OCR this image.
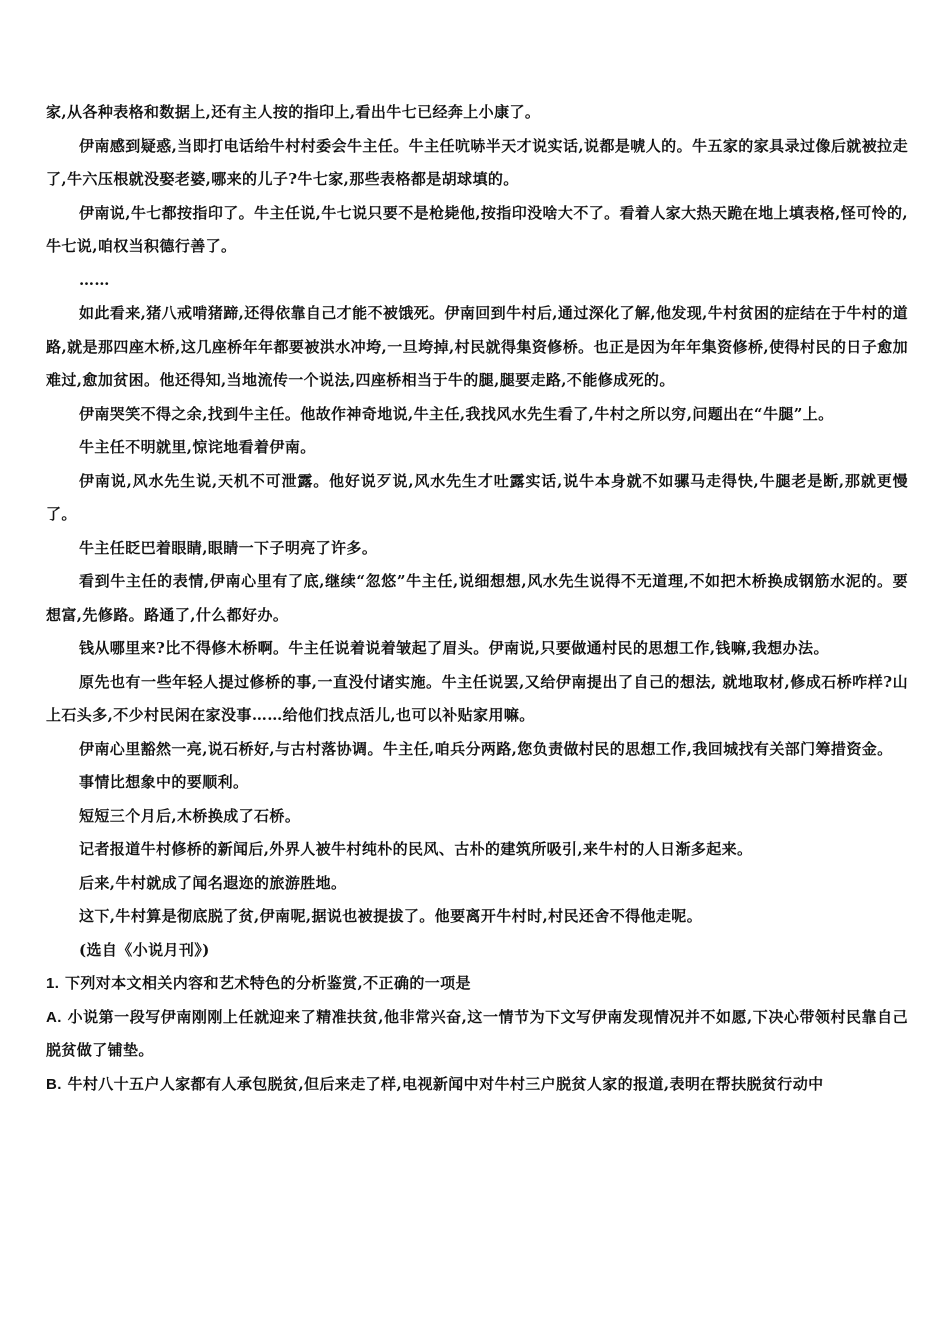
家,从各种表格和数据上,还有主人按的指印上,看出牛七已经奔上小康了。

伊南感到疑惑,当即打电话给牛村村委会牛主任。牛主任吭哧半天才说实话,说都是唬人的。牛五家的家具录过像后就被拉走了,牛六压根就没娶老婆,哪来的儿子?牛七家,那些表格都是胡球填的。

伊南说,牛七都按指印了。牛主任说,牛七说只要不是枪毙他,按指印没啥大不了。看着人家大热天跪在地上填表格,怪可怜的,牛七说,咱权当积德行善了。

……

如此看来,猪八戒啃猪蹄,还得依靠自己才能不被饿死。伊南回到牛村后,通过深化了解,他发现,牛村贫困的症结在于牛村的道路,就是那四座木桥,这几座桥年年都要被洪水冲垮,一旦垮掉,村民就得集资修桥。也正是因为年年集资修桥,使得村民的日子愈加难过,愈加贫困。他还得知,当地流传一个说法,四座桥相当于牛的腿,腿要走路,不能修成死的。

伊南哭笑不得之余,找到牛主任。他故作神奇地说,牛主任,我找风水先生看了,牛村之所以穷,问题出在“牛腿”上。

牛主任不明就里,惊诧地看着伊南。

伊南说,风水先生说,天机不可泄露。他好说歹说,风水先生才吐露实话,说牛本身就不如骡马走得快,牛腿老是断,那就更慢了。

牛主任眨巴着眼睛,眼睛一下子明亮了许多。

看到牛主任的表情,伊南心里有了底,继续“忽悠”牛主任,说细想想,风水先生说得不无道理,不如把木桥换成钢筋水泥的。要想富,先修路。路通了,什么都好办。

钱从哪里来?比不得修木桥啊。牛主任说着说着皱起了眉头。伊南说,只要做通村民的思想工作,钱嘛,我想办法。

原先也有一些年轻人提过修桥的事,一直没付诸实施。牛主任说罢,又给伊南提出了自己的想法, 就地取材,修成石桥咋样?山上石头多,不少村民闲在家没事……给他们找点活儿,也可以补贴家用嘛。

伊南心里豁然一亮,说石桥好,与古村落协调。牛主任,咱兵分两路,您负责做村民的思想工作,我回城找有关部门筹措资金。

事情比想象中的要顺利。

短短三个月后,木桥换成了石桥。

记者报道牛村修桥的新闻后,外界人被牛村纯朴的民风、古朴的建筑所吸引,来牛村的人日渐多起来。

后来,牛村就成了闻名遐迩的旅游胜地。

这下,牛村算是彻底脱了贫,伊南呢,据说也被提拔了。他要离开牛村时,村民还舍不得他走呢。

(选自《小说月刊》)

1. 下列对本文相关内容和艺术特色的分析鉴赏,不正确的一项是

A. 小说第一段写伊南刚刚上任就迎来了精准扶贫,他非常兴奋,这一情节为下文写伊南发现情况并不如愿,下决心带领村民靠自己脱贫做了铺垫。

B. 牛村八十五户人家都有人承包脱贫,但后来走了样,电视新闻中对牛村三户脱贫人家的报道,表明在帮扶脱贫行动中
